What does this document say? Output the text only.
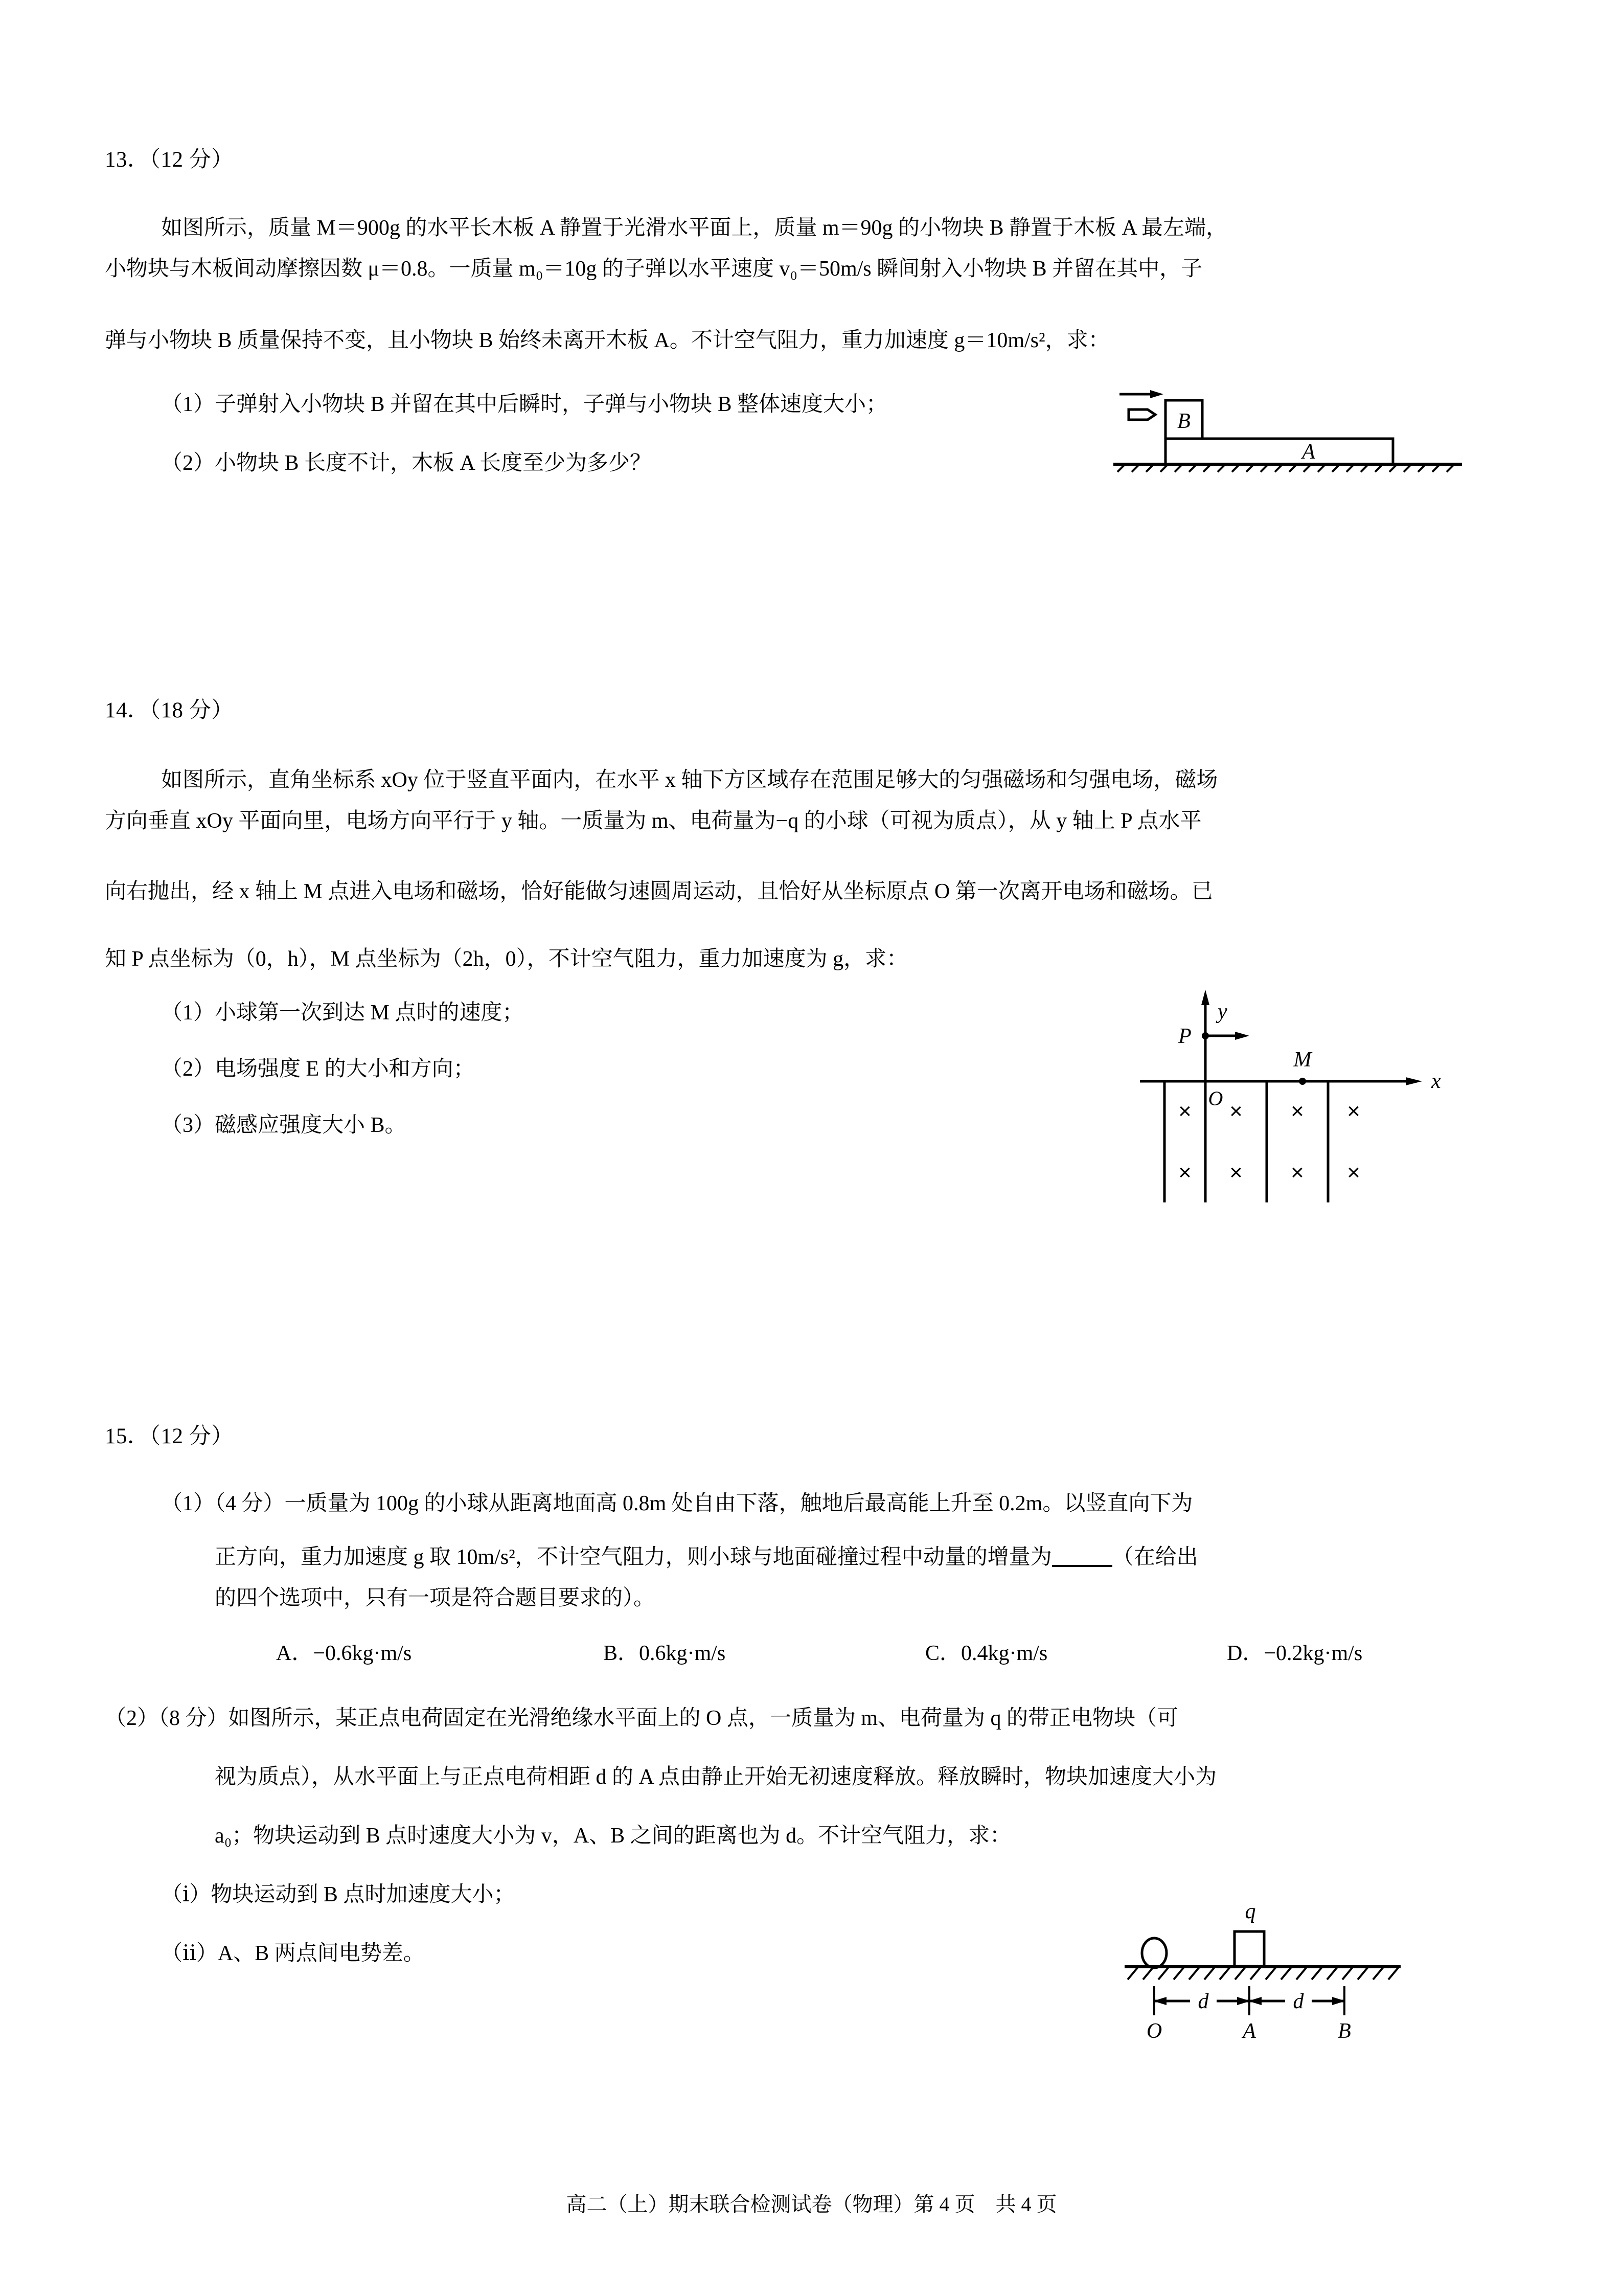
13．（12 分）
如图所示，质量 M＝900g 的水平长木板 A 静置于光滑水平面上，质量 m＝90g 的小物块 B 静置于木板 A 最左端，
小物块与木板间动摩擦因数 μ＝0.8。一质量 m₀＝10g 的子弹以水平速度 v₀＝50m/s 瞬间射入小物块 B 并留在其中，子
弹与小物块 B 质量保持不变，且小物块 B 始终未离开木板 A。不计空气阻力，重力加速度 g＝10m/s²，求：
（1）子弹射入小物块 B 并留在其中后瞬时，子弹与小物块 B 整体速度大小；
（2）小物块 B 长度不计，木板 A 长度至少为多少？
B
A
14．（18 分）
如图所示，直角坐标系 xOy 位于竖直平面内，在水平 x 轴下方区域存在范围足够大的匀强磁场和匀强电场，磁场
方向垂直 xOy 平面向里，电场方向平行于 y 轴。一质量为 m、电荷量为−q 的小球（可视为质点），从 y 轴上 P 点水平
向右抛出，经 x 轴上 M 点进入电场和磁场，恰好能做匀速圆周运动，且恰好从坐标原点 O 第一次离开电场和磁场。已
知 P 点坐标为（0，h），M 点坐标为（2h，0），不计空气阻力，重力加速度为 g，求：
（1）小球第一次到达 M 点时的速度；
（2）电场强度 E 的大小和方向；
（3）磁感应强度大小 B。
y
x
P
M
O
× × × ×
× × × ×
15．（12 分）
（1）（4 分）一质量为 100g 的小球从距离地面高 0.8m 处自由下落，触地后最高能上升至 0.2m。以竖直向下为
正方向，重力加速度 g 取 10m/s²，不计空气阻力，则小球与地面碰撞过程中动量的增量为	（在给出
的四个选项中，只有一项是符合题目要求的）。
A．−0.6kg·m/s	B．0.6kg·m/s	C．0.4kg·m/s	D．−0.2kg·m/s
（2）（8 分）如图所示，某正点电荷固定在光滑绝缘水平面上的 O 点，一质量为 m、电荷量为 q 的带正电物块（可
视为质点），从水平面上与正点电荷相距 d 的 A 点由静止开始无初速度释放。释放瞬时，物块加速度大小为
a₀；物块运动到 B 点时速度大小为 v，A、B 之间的距离也为 d。不计空气阻力，求：
（ⅰ）物块运动到 B 点时加速度大小；
（ⅱ）A、B 两点间电势差。
q
d	d
O	A	B
高二（上）期末联合检测试卷（物理）第 4 页　共 4 页
